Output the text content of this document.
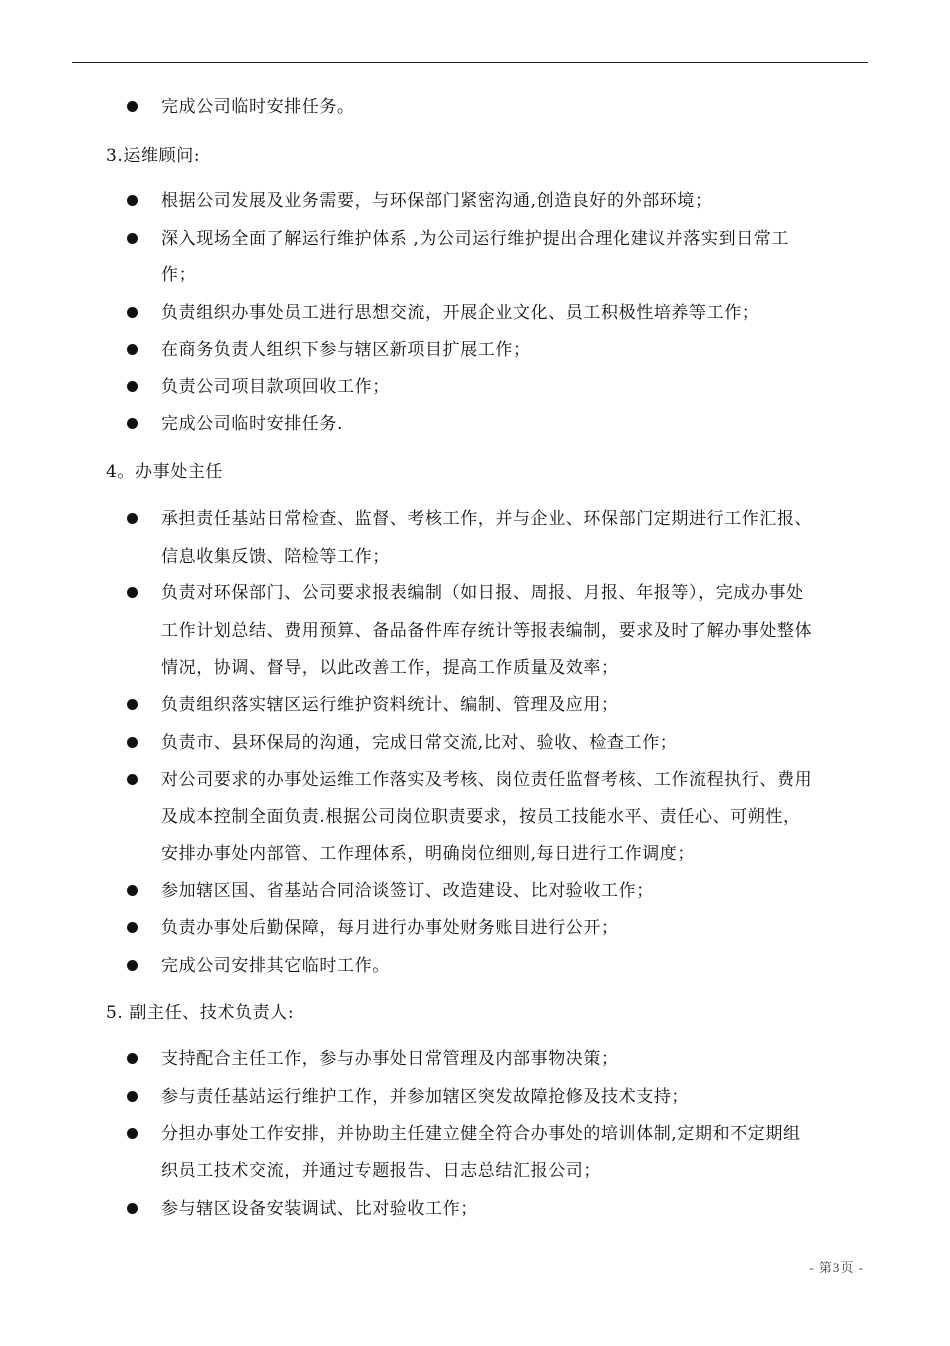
完成公司临时安排任务。
3.运维顾问:
根据公司发展及业务需要，与环保部门紧密沟通,创造良好的外部环境；
深入现场全面了解运行维护体系 ,为公司运行维护提出合理化建议并落实到日常工
作；
负责组织办事处员工进行思想交流，开展企业文化、员工积极性培养等工作；
在商务负责人组织下参与辖区新项目扩展工作；
负责公司项目款项回收工作；
完成公司临时安排任务.
4。办事处主任
承担责任基站日常检查、监督、考核工作，并与企业、环保部门定期进行工作汇报、
信息收集反馈、陪检等工作；
负责对环保部门、公司要求报表编制（如日报、周报、月报、年报等），完成办事处
工作计划总结、费用预算、备品备件库存统计等报表编制，要求及时了解办事处整体
情况，协调、督导，以此改善工作，提高工作质量及效率；
负责组织落实辖区运行维护资料统计、编制、管理及应用；
负责市、县环保局的沟通，完成日常交流,比对、验收、检查工作；
对公司要求的办事处运维工作落实及考核、岗位责任监督考核、工作流程执行、费用
及成本控制全面负责.根据公司岗位职责要求，按员工技能水平、责任心、可朔性，
安排办事处内部管、工作理体系，明确岗位细则,每日进行工作调度；
参加辖区国、省基站合同洽谈签订、改造建设、比对验收工作；
负责办事处后勤保障，每月进行办事处财务账目进行公开；
完成公司安排其它临时工作。
5. 副主任、技术负责人:
支持配合主任工作，参与办事处日常管理及内部事物决策；
参与责任基站运行维护工作，并参加辖区突发故障抢修及技术支持；
分担办事处工作安排，并协助主任建立健全符合办事处的培训体制,定期和不定期组
织员工技术交流，并通过专题报告、日志总结汇报公司；
参与辖区设备安装调试、比对验收工作；
- 第3页 -
